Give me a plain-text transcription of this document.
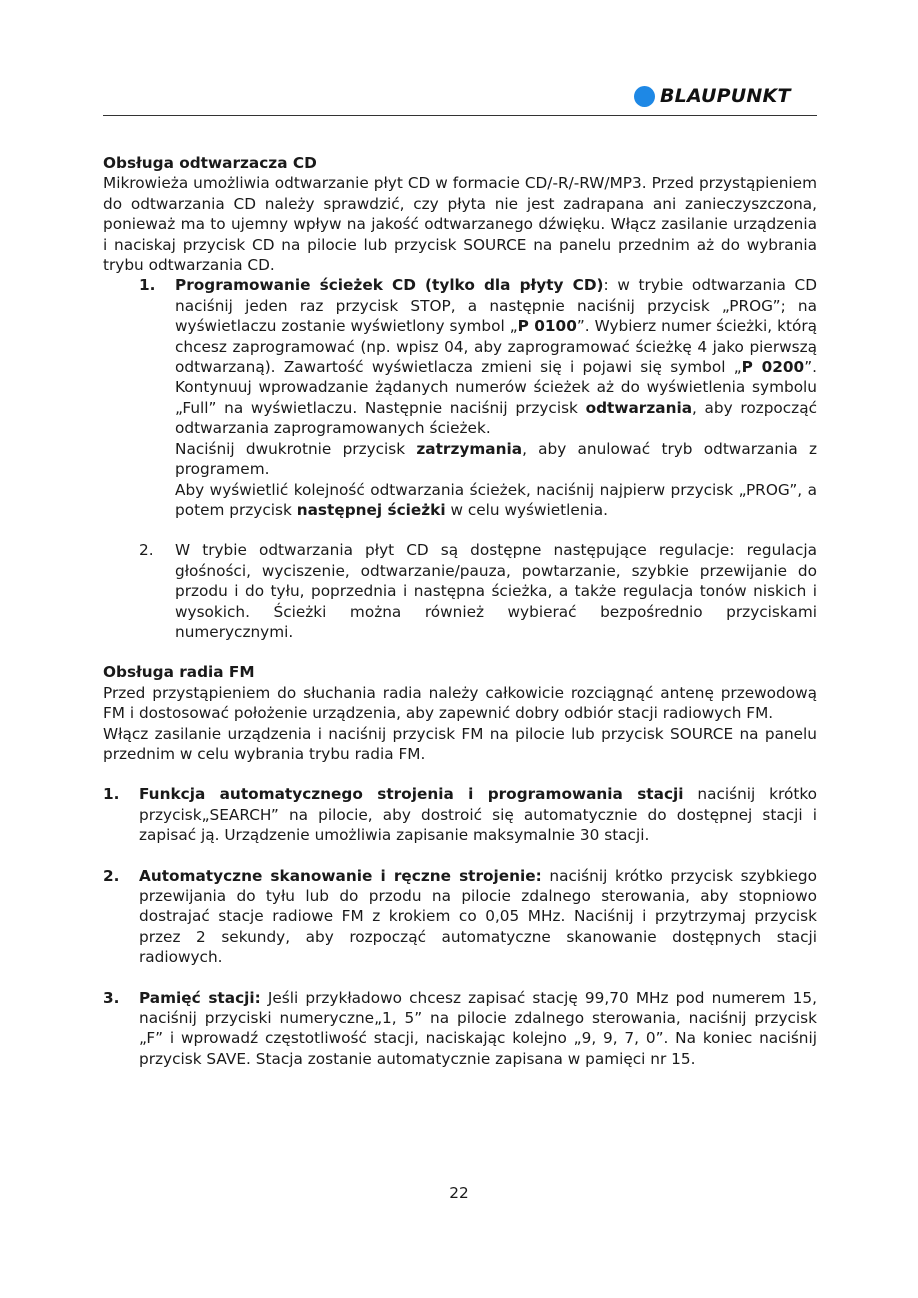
BLAUPUNKT

Obsługa odtwarzacza CD

Mikrowieża umożliwia odtwarzanie płyt CD w formacie CD/-R/-RW/MP3. Przed przystąpieniem do odtwarzania CD należy sprawdzić, czy płyta nie jest zadrapana ani zanieczyszczona, ponieważ ma to ujemny wpływ na jakość odtwarzanego dźwięku. Włącz zasilanie urządzenia i naciskaj przycisk CD na pilocie lub przycisk SOURCE na panelu przednim aż do wybrania trybu odtwarzania CD.

1. Programowanie ścieżek CD (tylko dla płyty CD): w trybie odtwarzania CD naciśnij jeden raz przycisk STOP, a następnie naciśnij przycisk „PROG”; na wyświetlaczu zostanie wyświetlony symbol „P 0100”. Wybierz numer ścieżki, którą chcesz zaprogramować (np. wpisz 04, aby zaprogramować ścieżkę 4 jako pierwszą odtwarzaną). Zawartość wyświetlacza zmieni się i pojawi się symbol „P 0200”. Kontynuuj wprowadzanie żądanych numerów ścieżek aż do wyświetlenia symbolu „Full” na wyświetlaczu. Następnie naciśnij przycisk odtwarzania, aby rozpocząć odtwarzania zaprogramowanych ścieżek.

Naciśnij dwukrotnie przycisk zatrzymania, aby anulować tryb odtwarzania z programem.

Aby wyświetlić kolejność odtwarzania ścieżek, naciśnij najpierw przycisk „PROG”, a potem przycisk następnej ścieżki w celu wyświetlenia.

2. W trybie odtwarzania płyt CD są dostępne następujące regulacje: regulacja głośności, wyciszenie, odtwarzanie/pauza, powtarzanie, szybkie przewijanie do przodu i do tyłu, poprzednia i następna ścieżka, a także regulacja tonów niskich i wysokich. Ścieżki można również wybierać bezpośrednio przyciskami numerycznymi.

Obsługa radia FM

Przed przystąpieniem do słuchania radia należy całkowicie rozciągnąć antenę przewodową FM i dostosować położenie urządzenia, aby zapewnić dobry odbiór stacji radiowych FM.

Włącz zasilanie urządzenia i naciśnij przycisk FM na pilocie lub przycisk SOURCE na panelu przednim w celu wybrania trybu radia FM.

1. Funkcja automatycznego strojenia i programowania stacji naciśnij krótko przycisk„SEARCH” na pilocie, aby dostroić się automatycznie do dostępnej stacji i zapisać ją. Urządzenie umożliwia zapisanie maksymalnie 30 stacji.

2. Automatyczne skanowanie i ręczne strojenie: naciśnij krótko przycisk szybkiego przewijania do tyłu lub do przodu na pilocie zdalnego sterowania, aby stopniowo dostrajać stacje radiowe FM z krokiem co 0,05 MHz. Naciśnij i przytrzymaj przycisk przez 2 sekundy, aby rozpocząć automatyczne skanowanie dostępnych stacji radiowych.

3. Pamięć stacji: Jeśli przykładowo chcesz zapisać stację 99,70 MHz pod numerem 15, naciśnij przyciski numeryczne„1, 5” na pilocie zdalnego sterowania, naciśnij przycisk „F” i wprowadź częstotliwość stacji, naciskając kolejno „9, 9, 7, 0”. Na koniec naciśnij przycisk SAVE. Stacja zostanie automatycznie zapisana w pamięci nr 15.

22
